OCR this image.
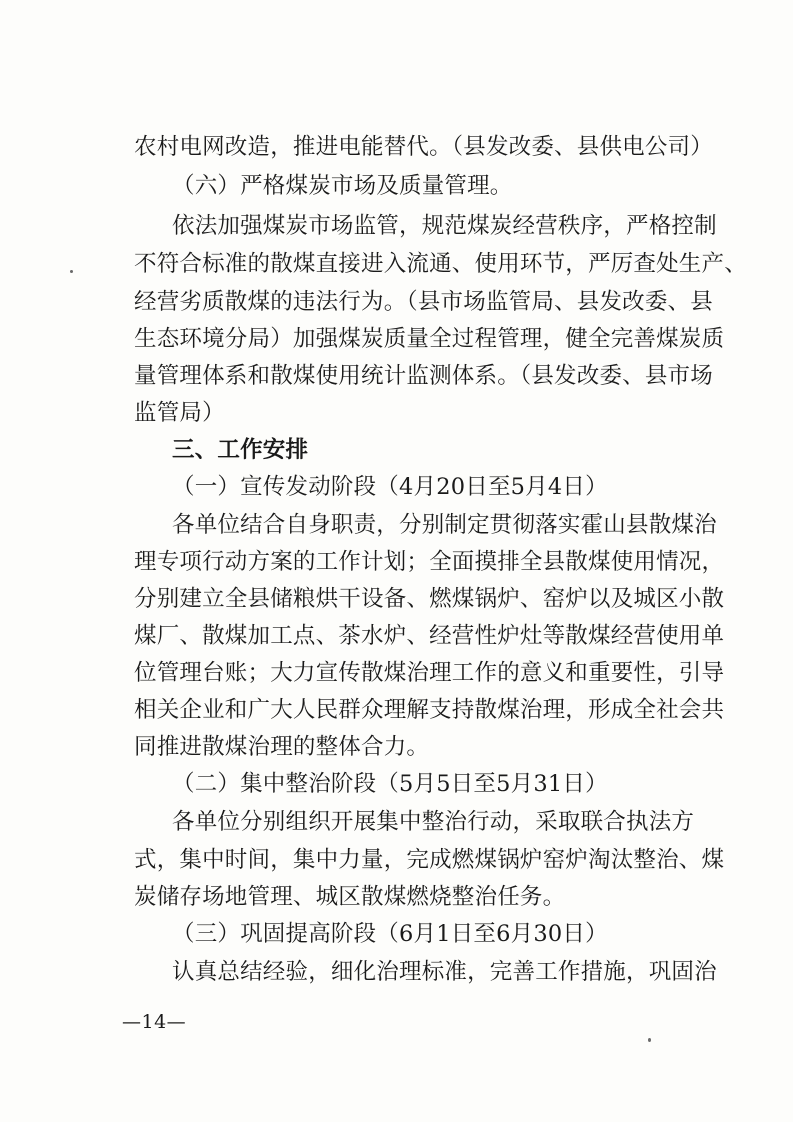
农村电网改造，推进电能替代。（县发改委、县供电公司）
（六）严格煤炭市场及质量管理。
依法加强煤炭市场监管，规范煤炭经营秩序，严格控制
不符合标准的散煤直接进入流通、使用环节，严厉查处生产、
经营劣质散煤的违法行为。（县市场监管局、县发改委、县
生态环境分局）加强煤炭质量全过程管理，健全完善煤炭质
量管理体系和散煤使用统计监测体系。（县发改委、县市场
监管局）
三、工作安排
（一）宣传发动阶段（4月20日至5月4日）
各单位结合自身职责，分别制定贯彻落实霍山县散煤治
理专项行动方案的工作计划；全面摸排全县散煤使用情况，
分别建立全县储粮烘干设备、燃煤锅炉、窑炉以及城区小散
煤厂、散煤加工点、茶水炉、经营性炉灶等散煤经营使用单
位管理台账；大力宣传散煤治理工作的意义和重要性，引导
相关企业和广大人民群众理解支持散煤治理，形成全社会共
同推进散煤治理的整体合力。
（二）集中整治阶段（5月5日至5月31日）
各单位分别组织开展集中整治行动，采取联合执法方
式，集中时间，集中力量，完成燃煤锅炉窑炉淘汰整治、煤
炭储存场地管理、城区散煤燃烧整治任务。
（三）巩固提高阶段（6月1日至6月30日）
认真总结经验，细化治理标准，完善工作措施，巩固治
—14—
